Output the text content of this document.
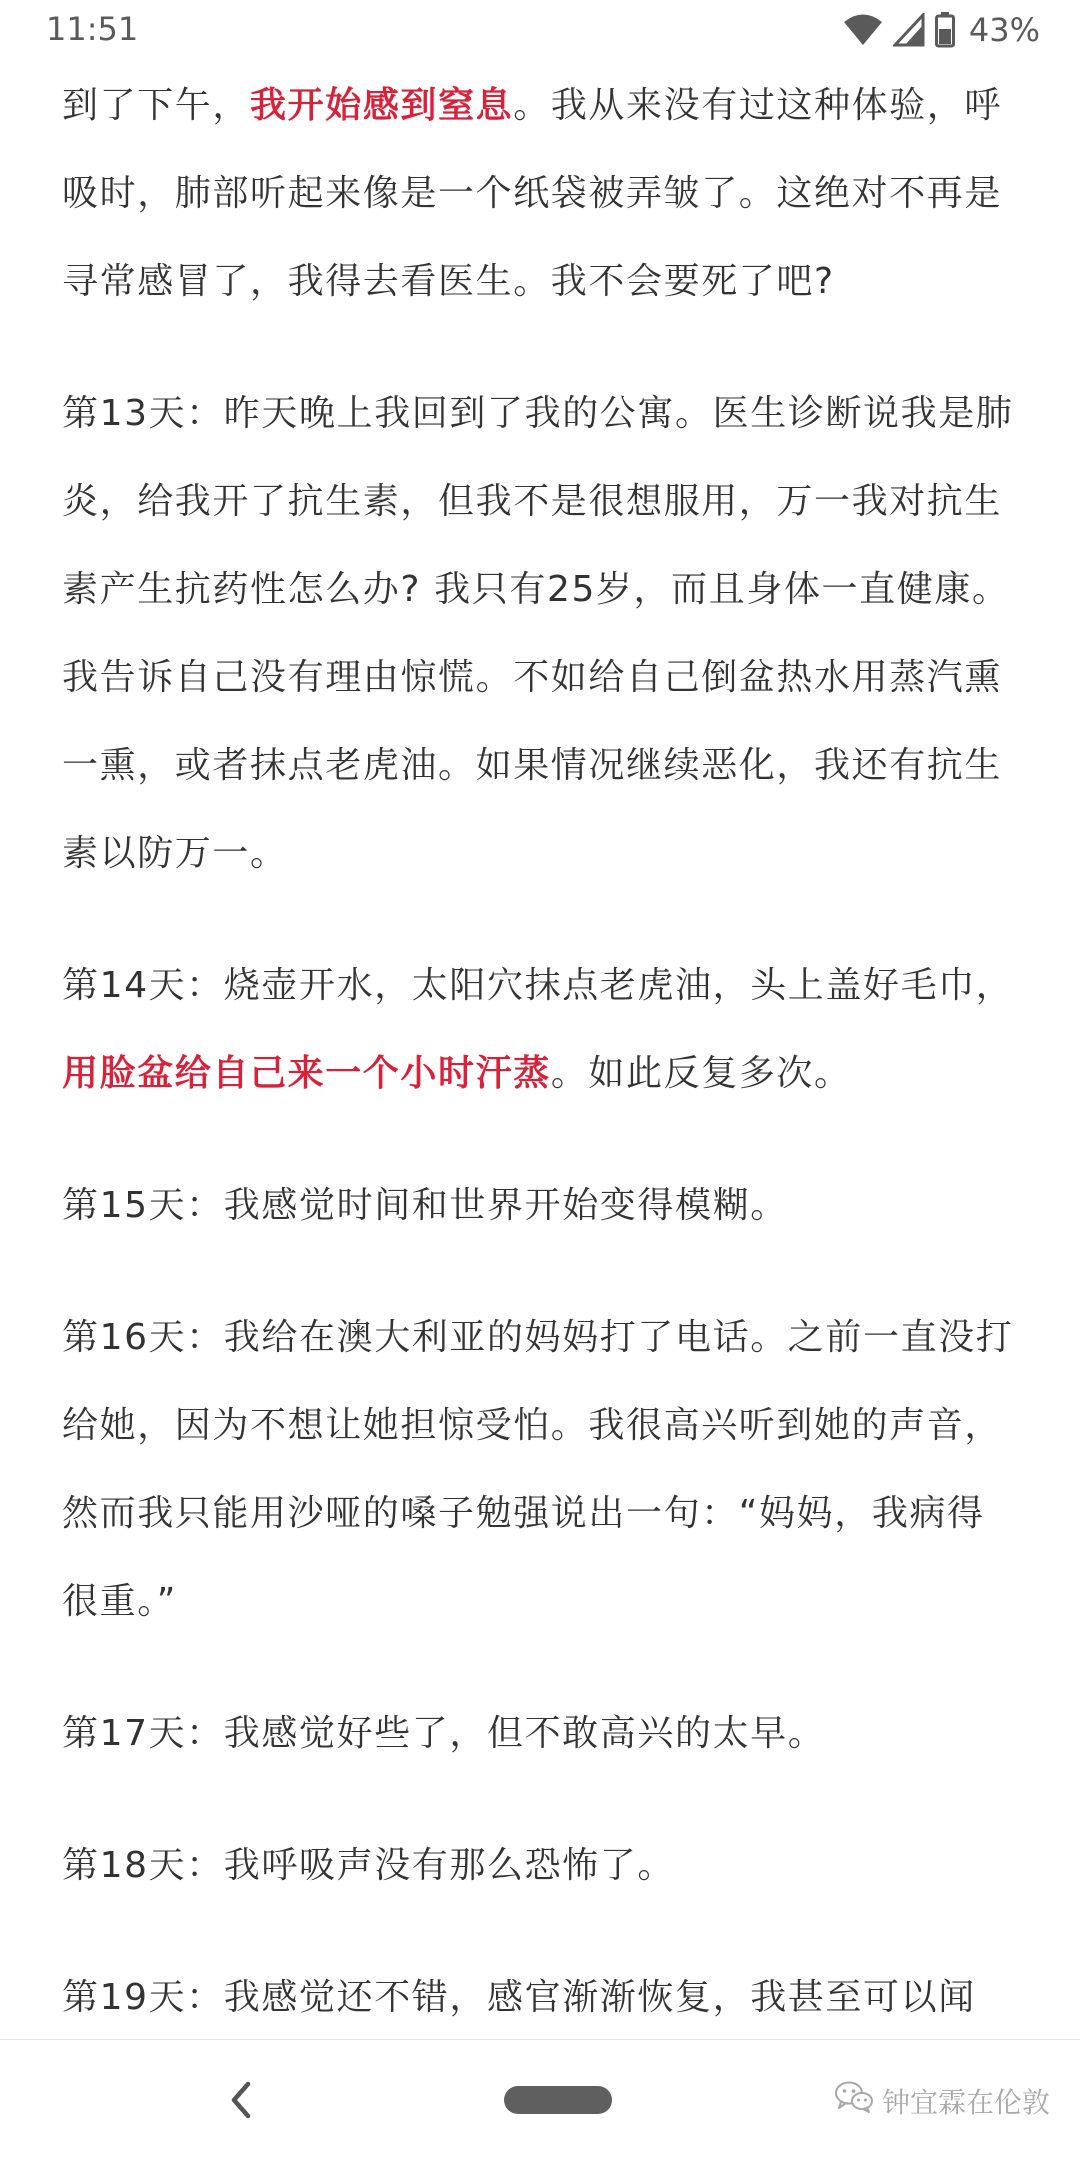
11:51	43%

到了下午，我开始感到窒息。我从来没有过这种体验，呼吸时，肺部听起来像是一个纸袋被弄皱了。这绝对不再是寻常感冒了，我得去看医生。我不会要死了吧?

第13天：昨天晚上我回到了我的公寓。医生诊断说我是肺炎，给我开了抗生素，但我不是很想服用，万一我对抗生素产生抗药性怎么办? 我只有25岁，而且身体一直健康。我告诉自己没有理由惊慌。不如给自己倒盆热水用蒸汽熏一熏，或者抹点老虎油。如果情况继续恶化，我还有抗生素以防万一。

第14天：烧壶开水，太阳穴抹点老虎油，头上盖好毛巾，用脸盆给自己来一个小时汗蒸。如此反复多次。

第15天：我感觉时间和世界开始变得模糊。

第16天：我给在澳大利亚的妈妈打了电话。之前一直没打给她，因为不想让她担惊受怕。我很高兴听到她的声音，然而我只能用沙哑的嗓子勉强说出一句：“妈妈，我病得很重。”

第17天：我感觉好些了，但不敢高兴的太早。

第18天：我呼吸声没有那么恐怖了。

第19天：我感觉还不错，感官渐渐恢复，我甚至可以闻

钟宜霖在伦敦
